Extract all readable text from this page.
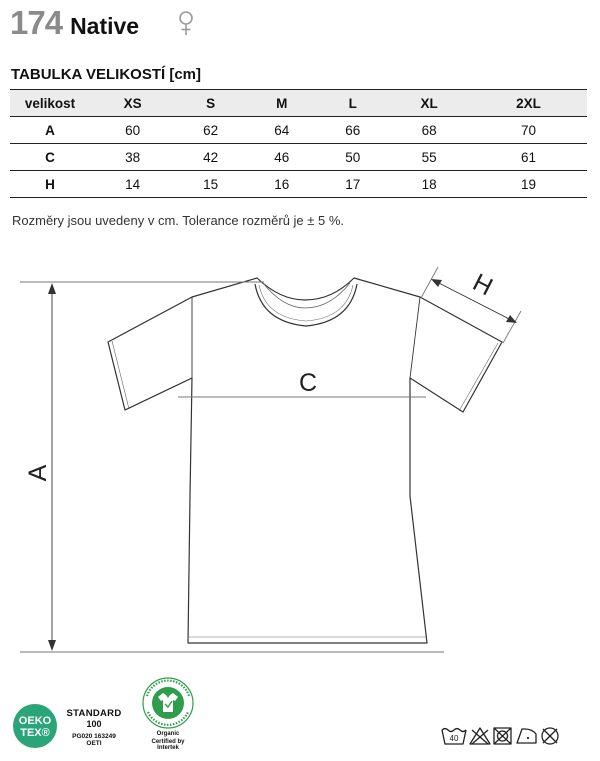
174 Native
TABULKA VELIKOSTÍ [cm]
velikost	XS	S	M	L	XL	2XL
A	60	62	64	66	68	70
C	38	42	46	50	55	61
H	14	15	16	17	18	19
Rozměry jsou uvedeny v cm. Tolerance rozměrů je ± 5 %.
A
C
H
OEKO
TEX®
STANDARD
100
PG020 163249
OETI
Organic
Certified by Intertek
40
